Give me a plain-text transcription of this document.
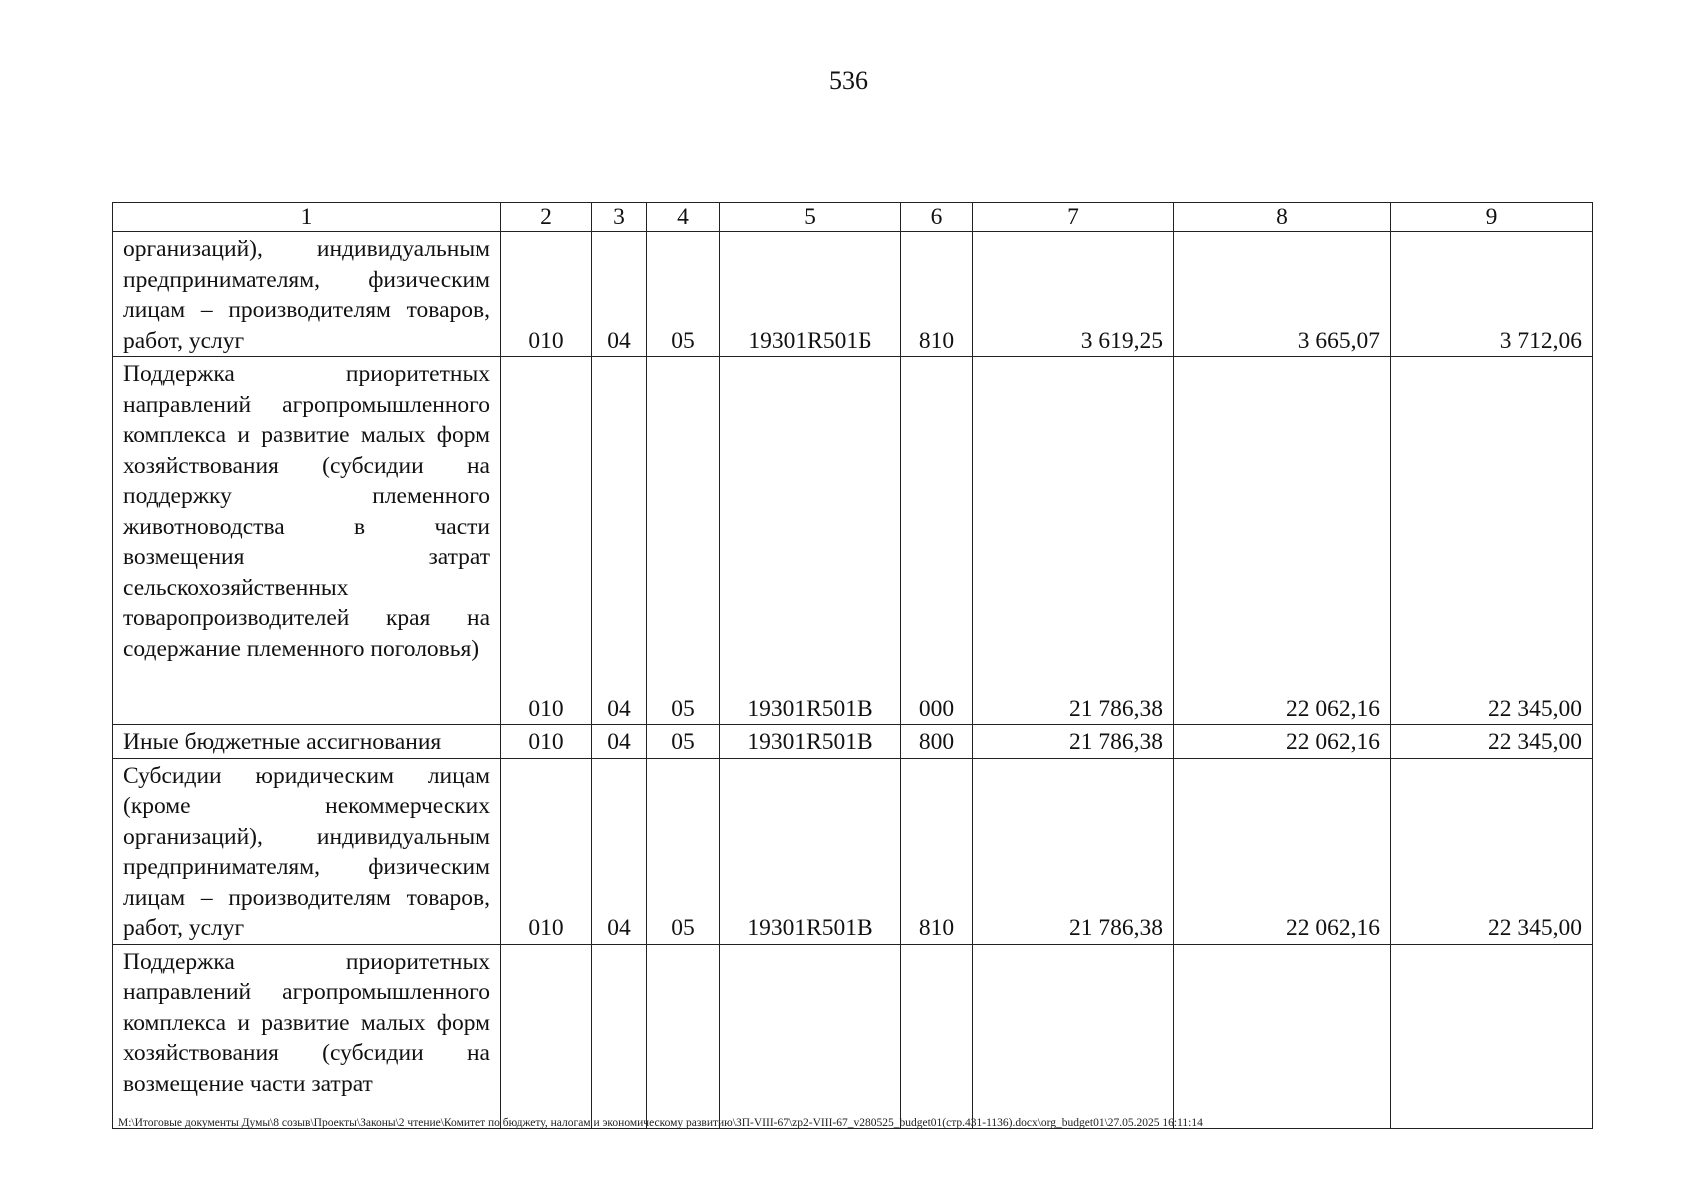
536
1	2	3	4	5	6	7	8	9
организаций), индивидуальным предпринимателям, физическим лицам – производителям товаров, работ, услуг	010	04	05	19301R501Б	810	3 619,25	3 665,07	3 712,06
Поддержка приоритетных направлений агропромышленного комплекса и развитие малых форм хозяйствования (субсидии на поддержку племенного животноводства в части возмещения затрат сельскохозяйственных товаропроизводителей края на содержание племенного поголовья)	010	04	05	19301R501В	000	21 786,38	22 062,16	22 345,00
Иные бюджетные ассигнования	010	04	05	19301R501В	800	21 786,38	22 062,16	22 345,00
Субсидии юридическим лицам (кроме некоммерческих организаций), индивидуальным предпринимателям, физическим лицам – производителям товаров, работ, услуг	010	04	05	19301R501В	810	21 786,38	22 062,16	22 345,00
Поддержка приоритетных направлений агропромышленного комплекса и развитие малых форм хозяйствования (субсидии на возмещение части затрат								
М:\Итоговые документы Думы\8 созыв\Проекты\Законы\2 чтение\Комитет по бюджету, налогам и экономическому развитию\ЗП-VIII-67\zp2-VIII-67_v280525_budget01(стр.431-1136).docx\org_budget01\27.05.2025 16:11:14
